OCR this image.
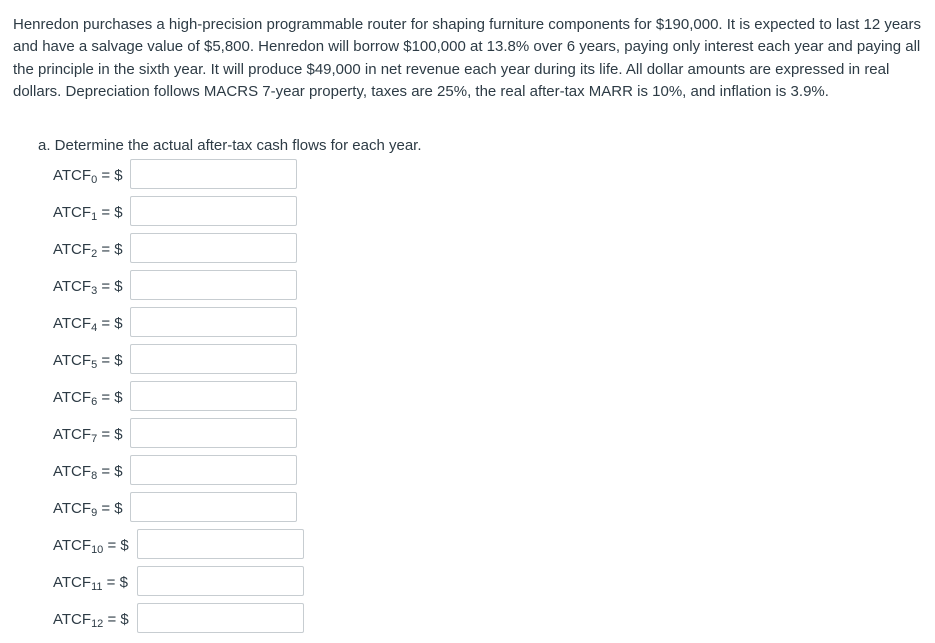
Henredon purchases a high-precision programmable router for shaping furniture components for $190,000. It is expected to last 12 years and have a salvage value of $5,800. Henredon will borrow $100,000 at 13.8% over 6 years, paying only interest each year and paying all the principle in the sixth year. It will produce $49,000 in net revenue each year during its life. All dollar amounts are expressed in real dollars. Depreciation follows MACRS 7-year property, taxes are 25%, the real after-tax MARR is 10%, and inflation is 3.9%.

a. Determine the actual after-tax cash flows for each year.

$ATCF_0$ = $
$ATCF_1$ = $
$ATCF_2$ = $
$ATCF_3$ = $
$ATCF_4$ = $
$ATCF_5$ = $
$ATCF_6$ = $
$ATCF_7$ = $
$ATCF_8$ = $
$ATCF_9$ = $
$ATCF_{10}$ = $
$ATCF_{11}$ = $
$ATCF_{12}$ = $
